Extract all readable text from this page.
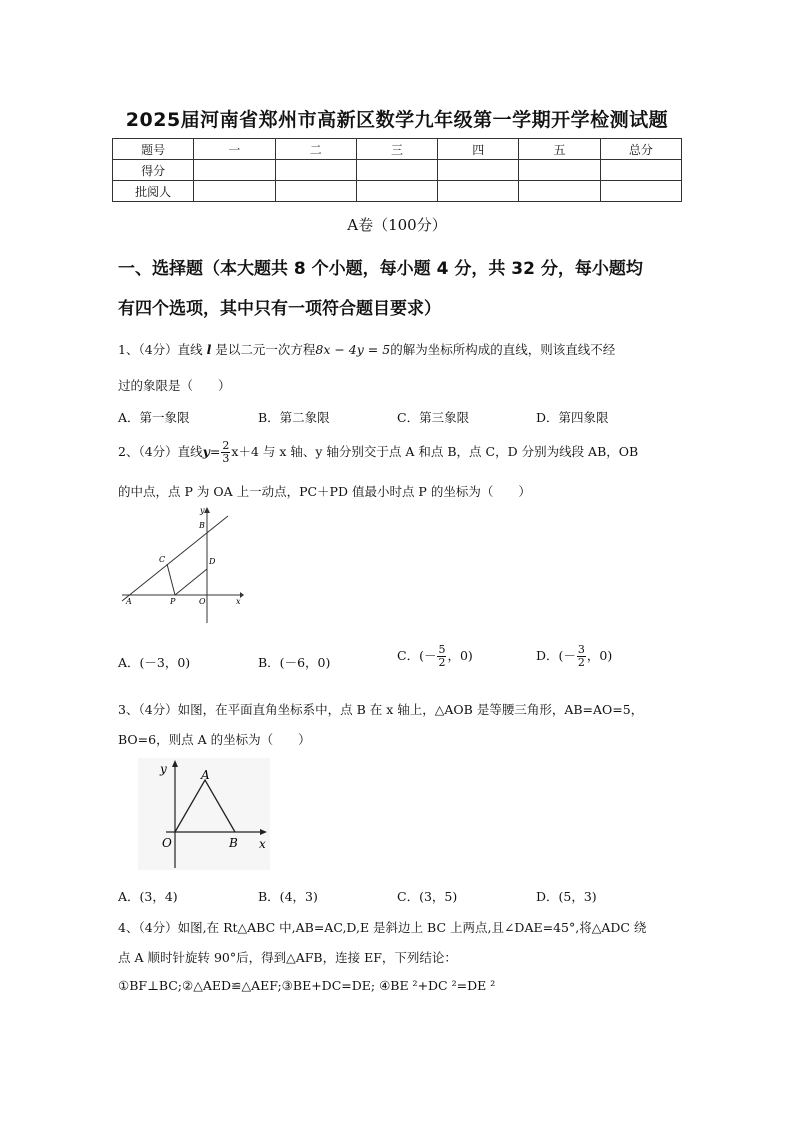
2025届河南省郑州市高新区数学九年级第一学期开学检测试题
题号	一	二	三	四	五	总分
得分						
批阅人						
A卷（100分）
一、选择题（本大题共 8 个小题，每小题 4 分，共 32 分，每小题均
有四个选项，其中只有一项符合题目要求）
1、（4分）直线 l 是以二元一次方程8x − 4y = 5的解为坐标所构成的直线，则该直线不经
过的象限是（　　）
A．第一象限	B．第二象限	C．第三象限	D．第四象限
2、（4分）直线$y= \frac{2}{3} x+4$ 与 x 轴、y 轴分别交于点 A 和点 B，点 C，D 分别为线段 AB，OB
的中点，点 P 为 OA 上一动点，PC＋PD 值最小时点 P 的坐标为（　　）
y
B
C	D
A	P	O	x
A．(－3，0)	B．(－6，0)	C．(－ $\frac{5}{2}$ ，0)	D．(－ $\frac{3}{2}$ ，0)
3、（4分）如图，在平面直角坐标系中，点 B 在 x 轴上，△AOB 是等腰三角形，AB=AO=5，
BO=6，则点 A 的坐标为（　　）
y	A
O	B x
A．(3，4)	B．(4，3)	C．(3，5)	D．(5，3)
4、（4分）如图,在 Rt△ABC 中,AB=AC,D,E 是斜边上 BC 上两点,且∠DAE=45°,将△ADC 绕
点 A 顺时针旋转 90°后，得到△AFB，连接 EF，下列结论：
①BF⊥BC;②△AED≌△AEF;③BE+DC=DE; ④BE ²+DC ²=DE ²
